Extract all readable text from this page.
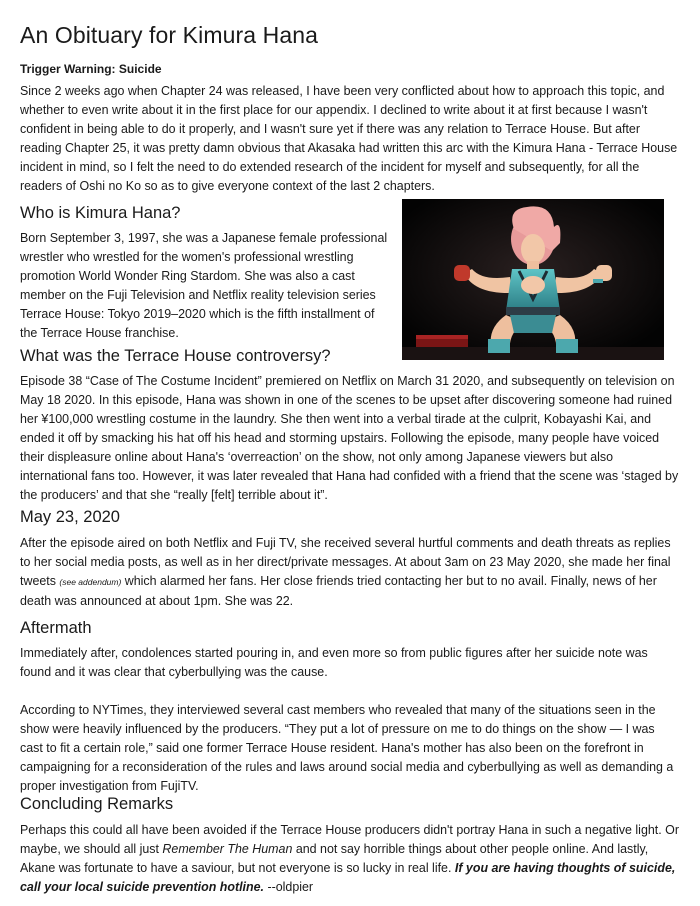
An Obituary for Kimura Hana
Trigger Warning: Suicide

Since 2 weeks ago when Chapter 24 was released, I have been very conflicted about how to approach this topic, and whether to even write about it in the first place for our appendix. I declined to write about it at first because I wasn't confident in being able to do it properly, and I wasn't sure yet if there was any relation to Terrace House. But after reading Chapter 25, it was pretty damn obvious that Akasaka had written this arc with the Kimura Hana - Terrace House incident in mind, so I felt the need to do extended research of the incident for myself and subsequently, for all the readers of Oshi no Ko so as to give everyone context of the last 2 chapters.

Who is Kimura Hana?

Born September 3, 1997, she was a Japanese female professional wrestler who wrestled for the women's professional wrestling promotion World Wonder Ring Stardom. She was also a cast member on the Fuji Television and Netflix reality television series Terrace House: Tokyo 2019–2020 which is the fifth installment of the Terrace House franchise.

What was the Terrace House controversy?

Episode 38 “Case of The Costume Incident” premiered on Netflix on March 31 2020, and subsequently on television on May 18 2020. In this episode, Hana was shown in one of the scenes to be upset after discovering someone had ruined her ¥100,000 wrestling costume in the laundry. She then went into a verbal tirade at the culprit, Kobayashi Kai, and ended it off by smacking his hat off his head and storming upstairs. Following the episode, many people have voiced their displeasure online about Hana's ‘overreaction’ on the show, not only among Japanese viewers but also international fans too. However, it was later revealed that Hana had confided with a friend that the scene was ‘staged by the producers’ and that she “really [felt] terrible about it”.

May 23, 2020

After the episode aired on both Netflix and Fuji TV, she received several hurtful comments and death threats as replies to her social media posts, as well as in her direct/private messages. At about 3am on 23 May 2020, she made her final tweets (see addendum) which alarmed her fans. Her close friends tried contacting her but to no avail. Finally, news of her death was announced at about 1pm. She was 22.

Aftermath

Immediately after, condolences started pouring in, and even more so from public figures after her suicide note was found and it was clear that cyberbullying was the cause.

According to NYTimes, they interviewed several cast members who revealed that many of the situations seen in the show were heavily influenced by the producers. “They put a lot of pressure on me to do things on the show — I was cast to fit a certain role,” said one former Terrace House resident. Hana's mother has also been on the forefront in campaigning for a reconsideration of the rules and laws around social media and cyberbullying as well as demanding a proper investigation from FujiTV.

Concluding Remarks

Perhaps this could all have been avoided if the Terrace House producers didn't portray Hana in such a negative light. Or maybe, we should all just Remember The Human and not say horrible things about other people online. And lastly, Akane was fortunate to have a saviour, but not everyone is so lucky in real life. If you are having thoughts of suicide, call your local suicide prevention hotline. --oldpier
